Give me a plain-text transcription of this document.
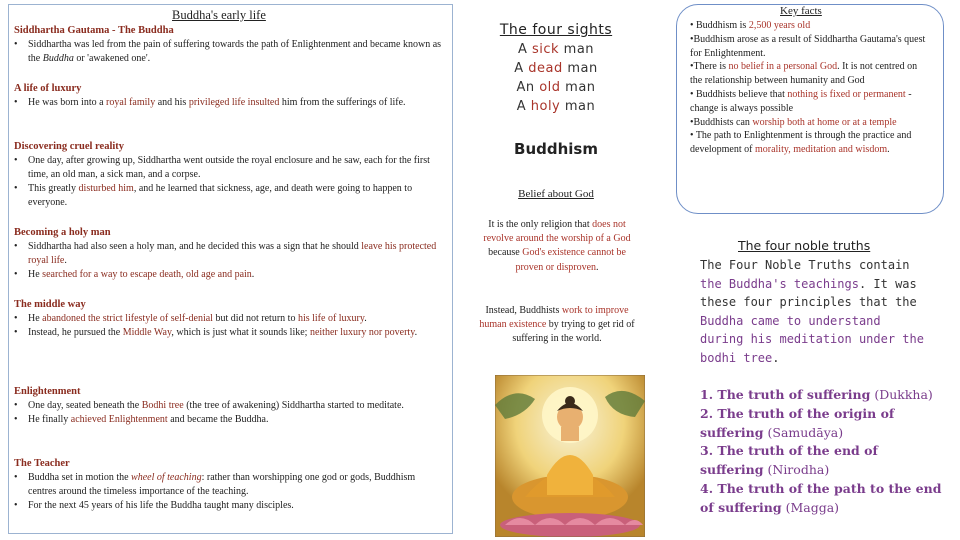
Buddha's early life
Siddhartha Gautama - The Buddha
• Siddhartha was led from the pain of suffering towards the path of Enlightenment and became known as the Buddha or 'awakened one'.
A life of luxury
• He was born into a royal family and his privileged life insulted him from the sufferings of life.
Discovering cruel reality
• One day, after growing up, Siddhartha went outside the royal enclosure and he saw, each for the first time, an old man, a sick man, and a corpse.
• This greatly disturbed him, and he learned that sickness, age, and death were going to happen to everyone.
Becoming a holy man
• Siddhartha had also seen a holy man, and he decided this was a sign that he should leave his protected royal life.
• He searched for a way to escape death, old age and pain.
The middle way
• He abandoned the strict lifestyle of self-denial but did not return to his life of luxury.
• Instead, he pursued the Middle Way, which is just what it sounds like; neither luxury nor poverty.
Enlightenment
• One day, seated beneath the Bodhi tree (the tree of awakening) Siddhartha started to meditate.
• He finally achieved Enlightenment and became the Buddha.
The Teacher
• Buddha set in motion the wheel of teaching: rather than worshipping one god or gods, Buddhism centres around the timeless importance of the teaching.
• For the next 45 years of his life the Buddha taught many disciples.
The four sights
A sick man
A dead man
An old man
A holy man
Buddhism
Belief about God
It is the only religion that does not revolve around the worship of a God because God's existence cannot be proven or disproven.
Instead, Buddhists work to improve human existence by trying to get rid of suffering in the world.
Key facts
• Buddhism is 2,500 years old
•Buddhism arose as a result of Siddhartha Gautama's quest for Enlightenment.
•There is no belief in a personal God. It is not centred on the relationship between humanity and God
• Buddhists believe that nothing is fixed or permanent - change is always possible
•Buddhists can worship both at home or at a temple
• The path to Enlightenment is through the practice and development of morality, meditation and wisdom.
The four noble truths
The Four Noble Truths contain the Buddha's teachings. It was these four principles that the Buddha came to understand during his meditation under the bodhi tree.
1. The truth of suffering (Dukkha)
2. The truth of the origin of suffering (Samudāya)
3. The truth of the end of suffering (Nirodha)
4. The truth of the path to the end of suffering (Magga)
